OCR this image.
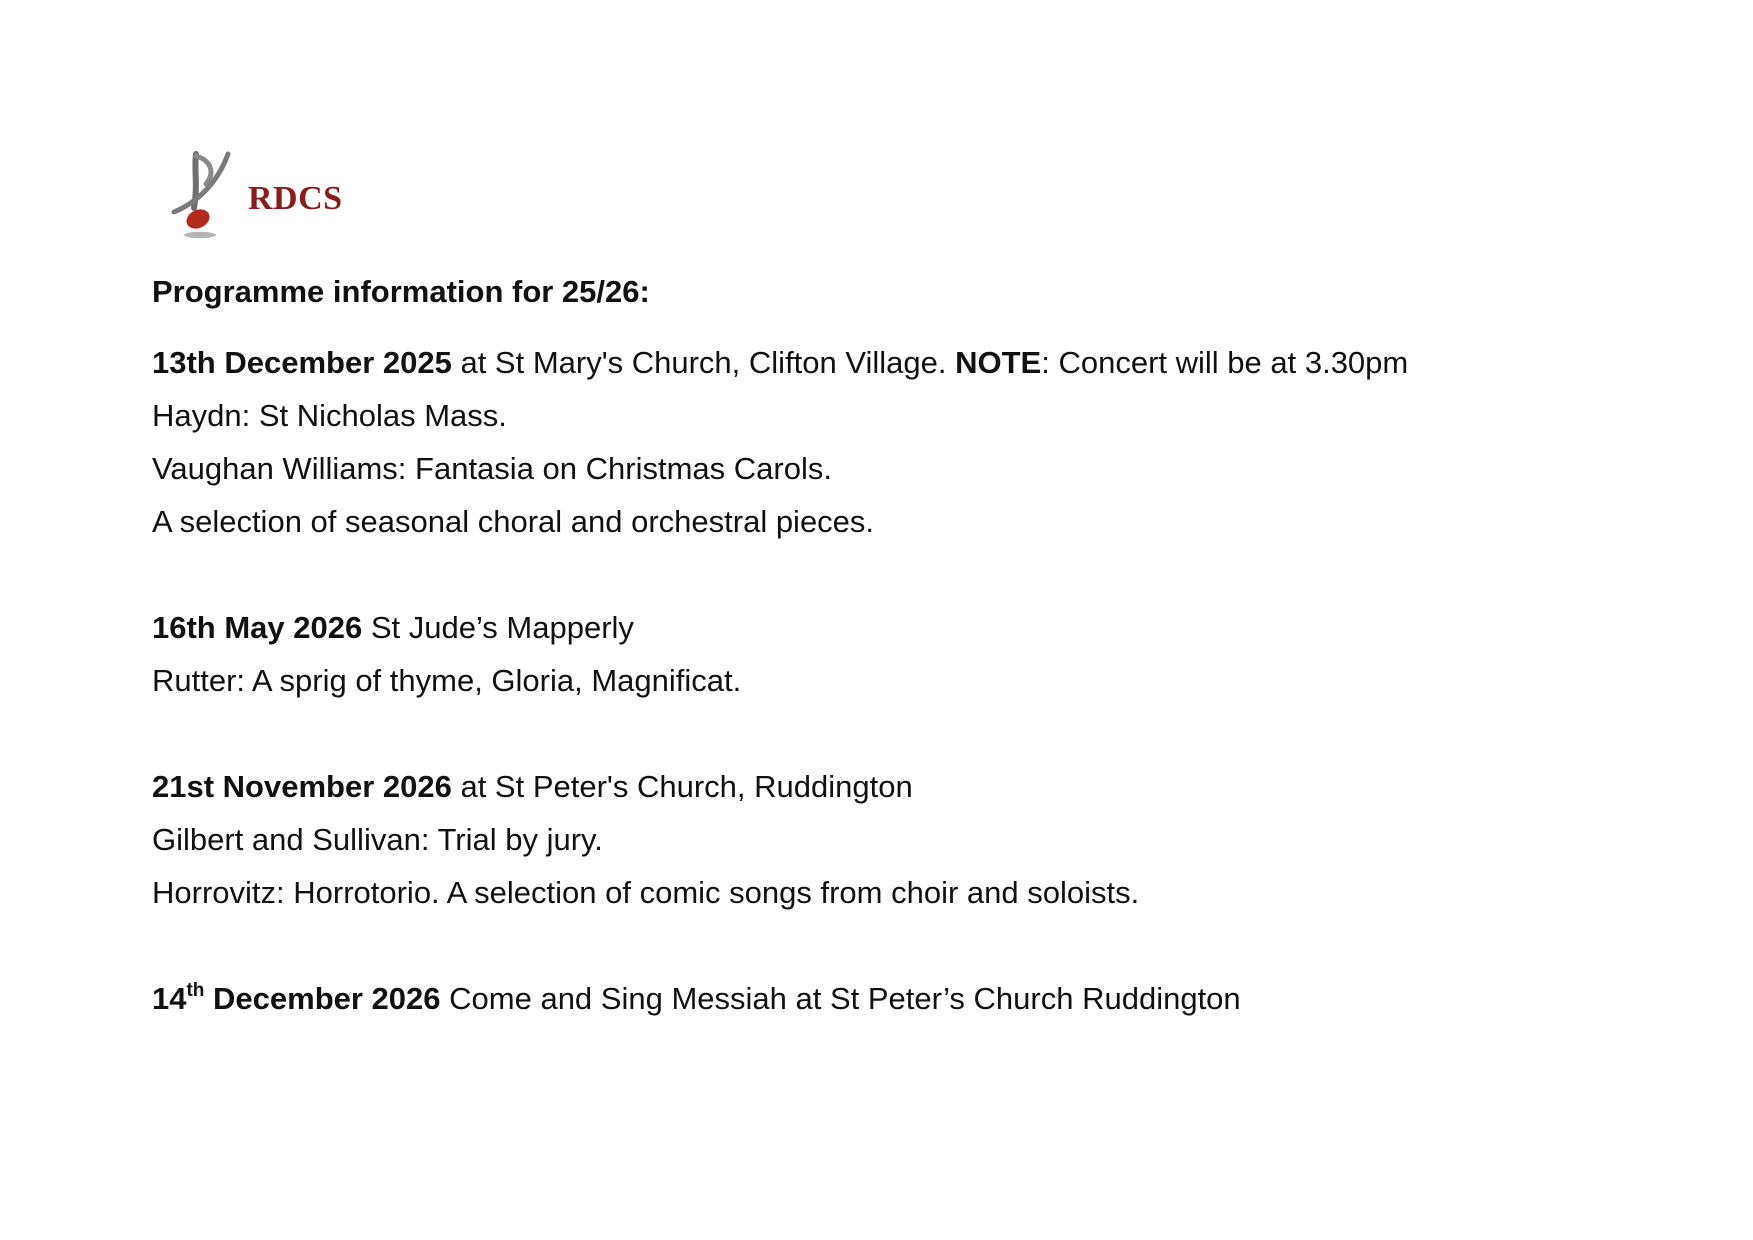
RDCS

Programme information for 25/26:

13th December 2025 at St Mary's Church, Clifton Village. NOTE: Concert will be at 3.30pm
Haydn: St Nicholas Mass.
Vaughan Williams: Fantasia on Christmas Carols.
A selection of seasonal choral and orchestral pieces.
16th May 2026 St Jude’s Mapperly
Rutter: A sprig of thyme, Gloria, Magnificat.
21st November 2026 at St Peter's Church, Ruddington
Gilbert and Sullivan: Trial by jury.
Horrovitz: Horrotorio. A selection of comic songs from choir and soloists.
14th December 2026 Come and Sing Messiah at St Peter’s Church Ruddington
